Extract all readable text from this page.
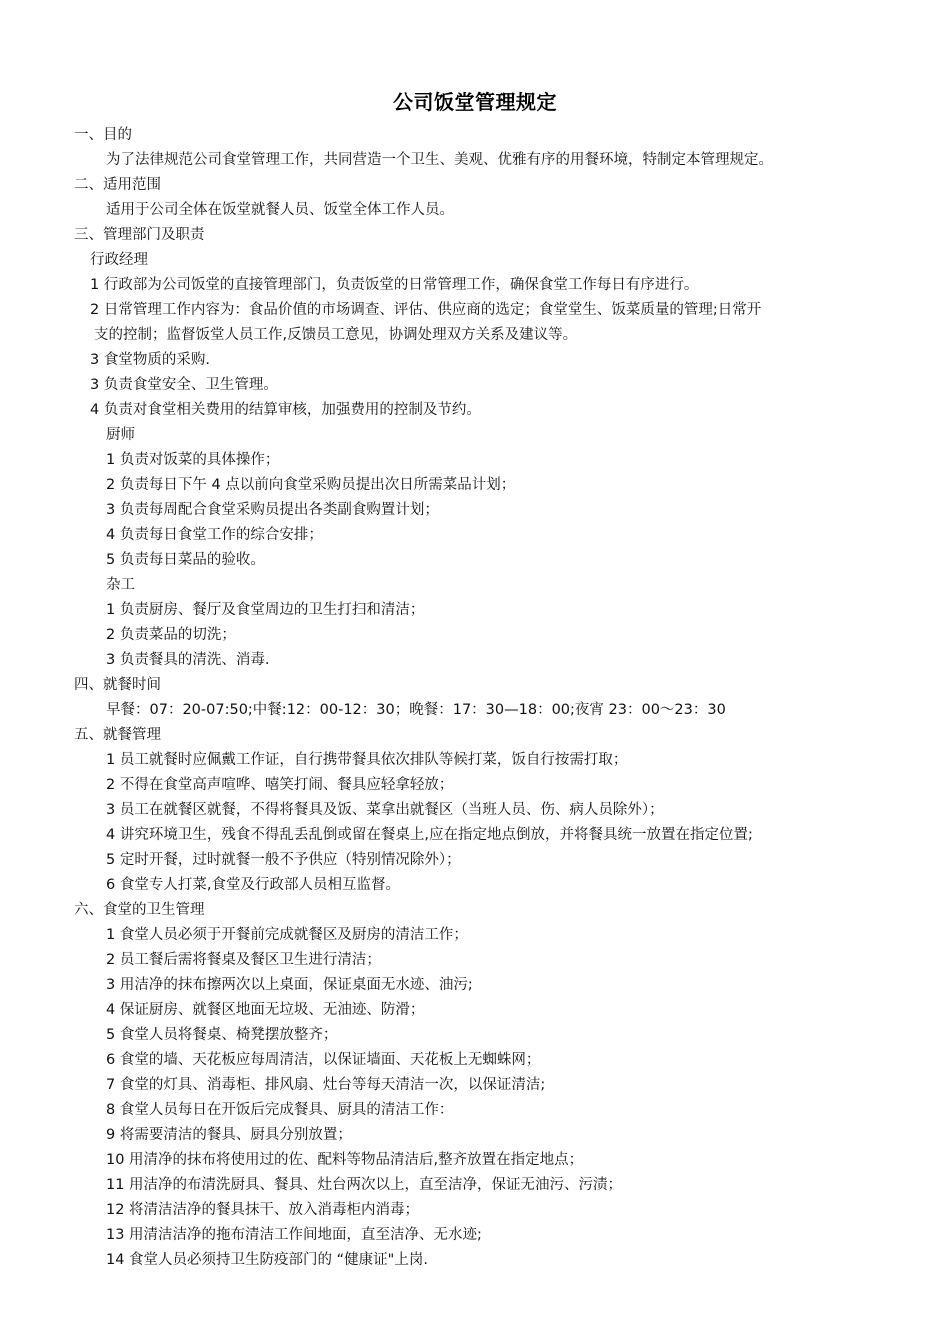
公司饭堂管理规定
一、目的
为了法律规范公司食堂管理工作，共同营造一个卫生、美观、优雅有序的用餐环境，特制定本管理规定。
二、适用范围
适用于公司全体在饭堂就餐人员、饭堂全体工作人员。
三、管理部门及职责
行政经理
1 行政部为公司饭堂的直接管理部门，负责饭堂的日常管理工作，确保食堂工作每日有序进行。
2 日常管理工作内容为：食品价值的市场调查、评估、供应商的选定；食堂堂生、饭菜质量的管理;日常开
支的控制；监督饭堂人员工作,反馈员工意见，协调处理双方关系及建议等。
3 食堂物质的采购.
3 负责食堂安全、卫生管理。
4 负责对食堂相关费用的结算审核，加强费用的控制及节约。
厨师
1 负责对饭菜的具体操作；
2 负责每日下午 4 点以前向食堂采购员提出次日所需菜品计划；
3 负责每周配合食堂采购员提出各类副食购置计划；
4 负责每日食堂工作的综合安排；
5 负责每日菜品的验收。
杂工
1 负责厨房、餐厅及食堂周边的卫生打扫和清洁；
2 负责菜品的切洗；
3 负责餐具的清洗、消毒.
四、就餐时间
早餐：07：20-07:50;中餐:12：00-12：30；晚餐：17：30—18：00;夜宵 23：00～23：30
五、就餐管理
1 员工就餐时应佩戴工作证，自行携带餐具依次排队等候打菜，饭自行按需打取；
2 不得在食堂高声喧哗、嘻笑打闹、餐具应轻拿轻放；
3 员工在就餐区就餐，不得将餐具及饭、菜拿出就餐区（当班人员、伤、病人员除外）；
4 讲究环境卫生，残食不得乱丢乱倒或留在餐桌上,应在指定地点倒放，并将餐具统一放置在指定位置;
5 定时开餐，过时就餐一般不予供应（特别情况除外）；
6 食堂专人打菜,食堂及行政部人员相互监督。
六、食堂的卫生管理
1 食堂人员必须于开餐前完成就餐区及厨房的清洁工作；
2 员工餐后需将餐桌及餐区卫生进行清洁；
3 用洁净的抹布擦两次以上桌面，保证桌面无水迹、油污;
4 保证厨房、就餐区地面无垃圾、无油迹、防滑；
5 食堂人员将餐桌、椅凳摆放整齐；
6 食堂的墙、天花板应每周清洁，以保证墙面、天花板上无蜘蛛网；
7 食堂的灯具、消毒柜、排风扇、灶台等每天清洁一次，以保证清洁;
8 食堂人员每日在开饭后完成餐具、厨具的清洁工作：
9 将需要清洁的餐具、厨具分别放置；
10 用清净的抹布将使用过的佐、配料等物品清洁后,整齐放置在指定地点；
11 用洁净的布清洗厨具、餐具、灶台两次以上，直至洁净，保证无油污、污渍；
12 将清洁洁净的餐具抹干、放入消毒柜内消毒；
13 用清洁洁净的拖布清洁工作间地面，直至洁净、无水迹;
14 食堂人员必须持卫生防疫部门的 “健康证"上岗.
